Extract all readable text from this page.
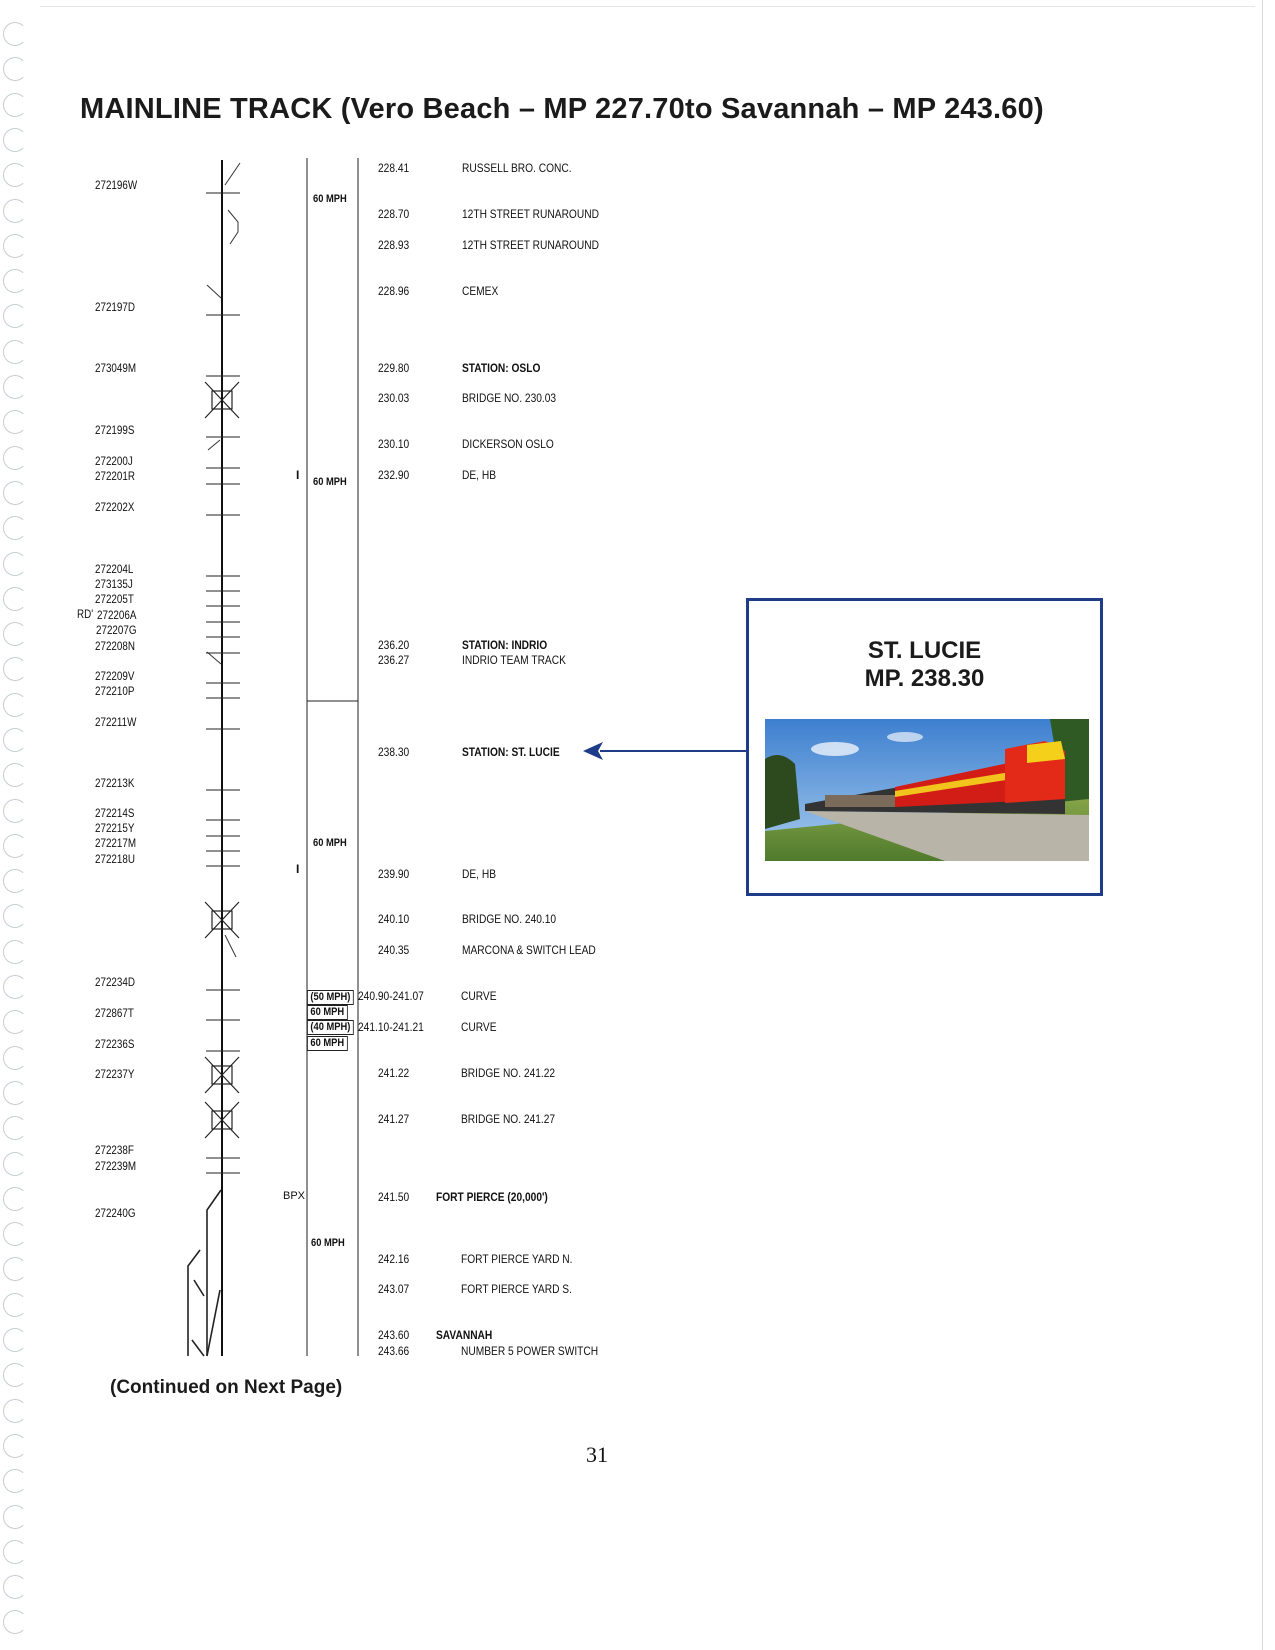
MAINLINE TRACK (Vero Beach – MP 227.70to Savannah – MP 243.60)
272196W
272197D
273049M
272199S
272200J
272201R
272202X
272204L
273135J
272205T
272206A
272207G
272208N
272209V
272210P
272211W
272213K
272214S
272215Y
272217M
272218U
272234D
272867T
272236S
272237Y
272238F
272239M
272240G
RD'
I
I
BPX
60 MPH
60 MPH
60 MPH
(50 MPH)
60 MPH
(40 MPH)
60 MPH
60 MPH
228.41	RUSSELL BRO. CONC.
228.70	12TH STREET RUNAROUND
228.93	12TH STREET RUNAROUND
228.96	CEMEX
229.80	STATION: OSLO
230.03	BRIDGE NO. 230.03
230.10	DICKERSON OSLO
232.90	DE, HB
236.20	STATION: INDRIO
236.27	INDRIO TEAM TRACK
238.30	STATION: ST. LUCIE
239.90	DE, HB
240.10	BRIDGE NO. 240.10
240.35	MARCONA & SWITCH LEAD
240.90-241.07	CURVE
241.10-241.21	CURVE
241.22	BRIDGE NO. 241.22
241.27	BRIDGE NO. 241.27
241.50 FORT PIERCE (20,000')
242.16	FORT PIERCE YARD N.
243.07	FORT PIERCE YARD S.
243.60 SAVANNAH
243.66	NUMBER 5 POWER SWITCH
ST. LUCIE
MP. 238.30
(Continued on Next Page)
31
